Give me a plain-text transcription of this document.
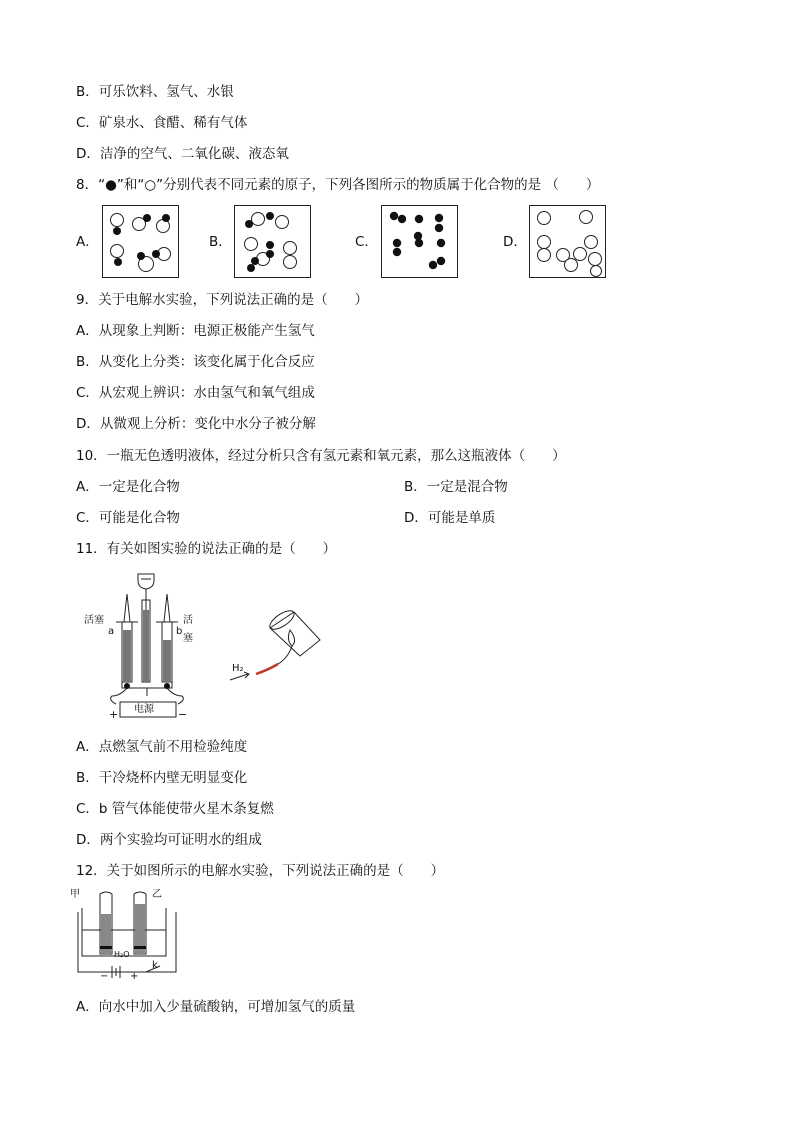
B．可乐饮料、氢气、水银
C．矿泉水、食醋、稀有气体
D．洁净的空气、二氧化碳、液态氧
8．“●”和“○”分别代表不同元素的原子，下列各图所示的物质属于化合物的是 （　　）
A．	B．	C．	D．
9．关于电解水实验，下列说法正确的是（　　）
A．从现象上判断：电源正极能产生氢气
B．从变化上分类：该变化属于化合反应
C．从宏观上辨识：水由氢气和氧气组成
D．从微观上分析：变化中水分子被分解
10．一瓶无色透明液体，经过分析只含有氢元素和氧元素，那么这瓶液体（　　）
A．一定是化合物	B．一定是混合物
C．可能是化合物	D．可能是单质
11．有关如图实验的说法正确的是（　　）
活塞	活塞
a	b
电源
+	−
H₂
A．点燃氢气前不用检验纯度
B．干冷烧杯内壁无明显变化
C．b 管气体能使带火星木条复燃
D．两个实验均可证明水的组成
12．关于如图所示的电解水实验，下列说法正确的是（　　）
甲	乙
H₂O
k
− +
A．向水中加入少量硫酸钠，可增加氢气的质量
